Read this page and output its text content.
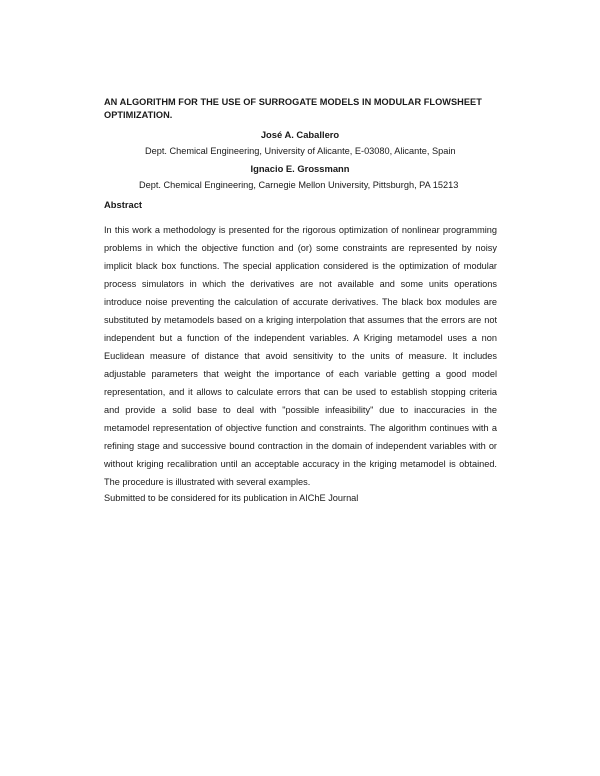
AN ALGORITHM FOR THE USE OF SURROGATE MODELS IN MODULAR FLOWSHEET
OPTIMIZATION.

José A. Caballero

Dept. Chemical Engineering, University of Alicante, E-03080, Alicante, Spain

Ignacio E. Grossmann

Dept. Chemical Engineering, Carnegie Mellon University, Pittsburgh, PA 15213

Abstract
In this work a methodology is presented for the rigorous optimization of nonlinear programming
problems in which the objective function and (or) some constraints are represented by noisy
implicit black box functions. The special application considered is the optimization of modular
process simulators in which the derivatives are not available and some units operations
introduce noise preventing the calculation of accurate derivatives. The black box modules are
substituted by metamodels based on a kriging interpolation that assumes that the errors are not
independent but a function of the independent variables. A Kriging metamodel uses a non
Euclidean measure of distance that avoid sensitivity to the units of measure. It includes
adjustable parameters that weight the importance of each variable getting a good model
representation, and it allows to calculate errors that can be used to establish stopping criteria
and provide a solid base to deal with "possible infeasibility" due to inaccuracies in the
metamodel representation of objective function and constraints. The algorithm continues with a
refining stage and successive bound contraction in the domain of independent variables with or
without kriging recalibration until an acceptable accuracy in the kriging metamodel is obtained.
The procedure is illustrated with several examples.

Submitted to be considered for its publication in AIChE Journal
